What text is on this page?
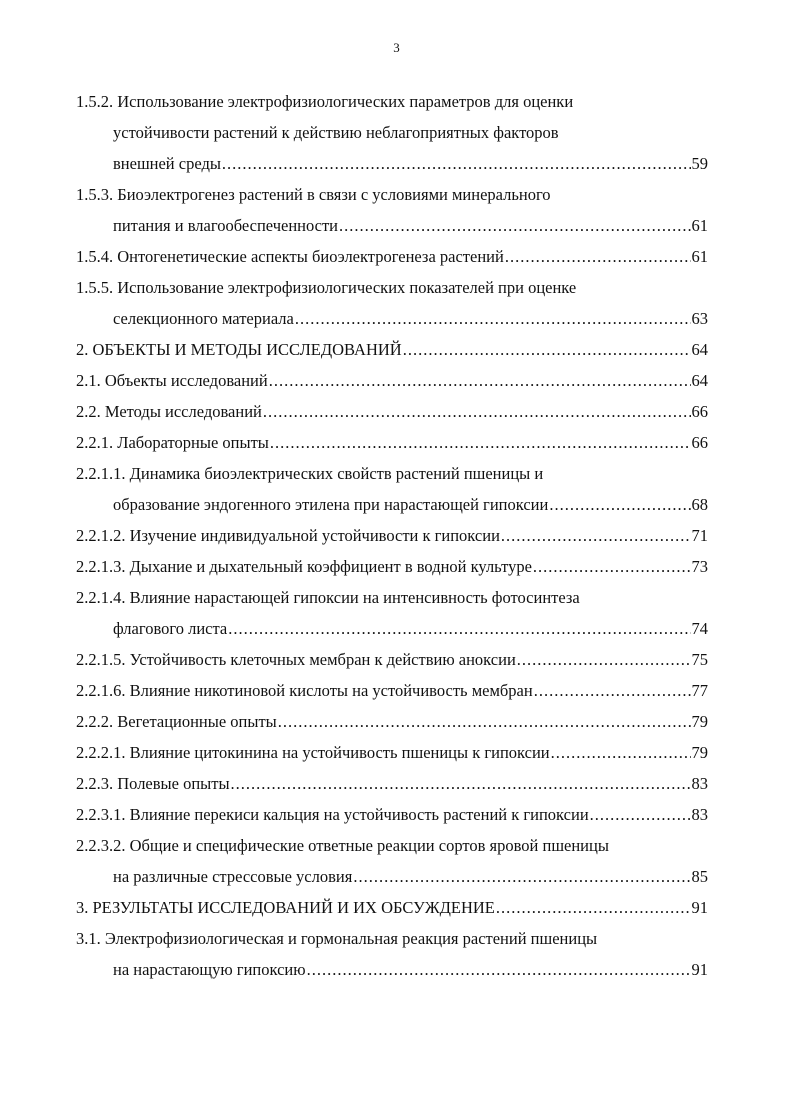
3
1.5.2. Использование электрофизиологических параметров для оценки
устойчивости растений к действию неблагоприятных факторов
внешней среды .....	59
1.5.3. Биоэлектрогенез растений в связи с условиями минерального
питания и влагообеспеченности .....	61
1.5.4. Онтогенетические аспекты биоэлектрогенеза растений .....	61
1.5.5. Использование электрофизиологических показателей при оценке
селекционного материала .....	63
2. ОБЪЕКТЫ И МЕТОДЫ ИССЛЕДОВАНИЙ .....	64
2.1. Объекты исследований .....	64
2.2. Методы исследований .....	66
2.2.1. Лабораторные опыты .....	66
2.2.1.1. Динамика биоэлектрических свойств растений пшеницы и
образование эндогенного этилена при нарастающей гипоксии .....	68
2.2.1.2. Изучение индивидуальной устойчивости к гипоксии .....	71
2.2.1.3. Дыхание и дыхательный коэффициент в водной культуре .....	73
2.2.1.4. Влияние нарастающей гипоксии на интенсивность фотосинтеза
флагового листа .....	74
2.2.1.5. Устойчивость клеточных мембран к действию аноксии .....	75
2.2.1.6. Влияние никотиновой кислоты на устойчивость мембран .....	77
2.2.2. Вегетационные опыты .....	79
2.2.2.1. Влияние цитокинина на устойчивость пшеницы к гипоксии .....	79
2.2.3. Полевые опыты .....	83
2.2.3.1. Влияние перекиси кальция на устойчивость растений к гипоксии .....	83
2.2.3.2. Общие и специфические ответные реакции сортов яровой пшеницы
на различные стрессовые условия .....	85
3. РЕЗУЛЬТАТЫ ИССЛЕДОВАНИЙ И ИХ ОБСУЖДЕНИЕ .....	91
3.1. Электрофизиологическая и гормональная реакция растений пшеницы
на нарастающую гипоксию .....	91
